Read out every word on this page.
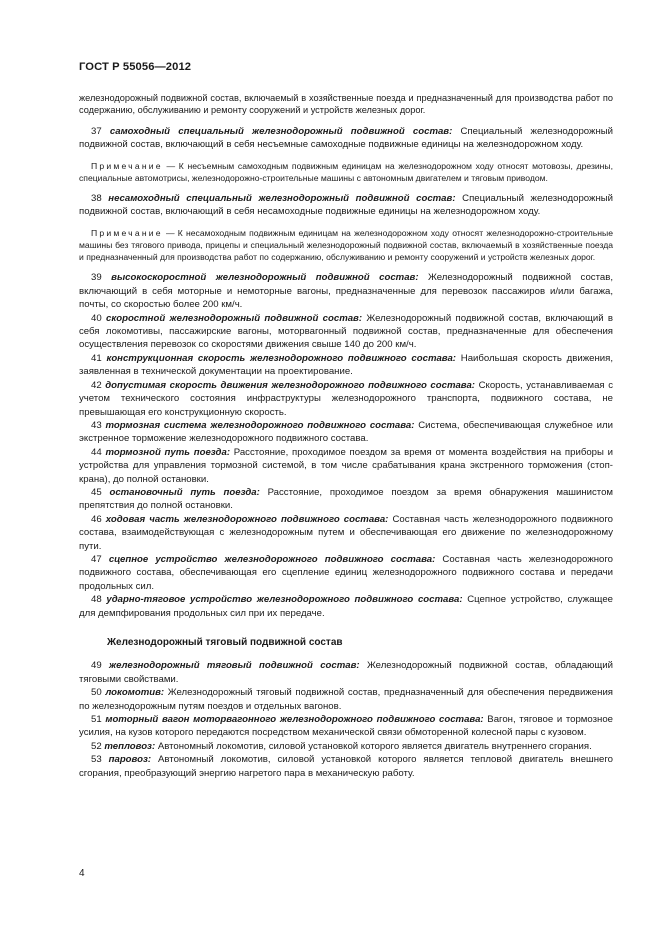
ГОСТ Р 55056—2012

железнодорожный подвижной состав, включаемый в хозяйственные поезда и предназначенный для производства работ по содержанию, обслуживанию и ремонту сооружений и устройств железных дорог.

37 самоходный специальный железнодорожный подвижной состав: Специальный железнодорожный подвижной состав, включающий в себя несъемные самоходные подвижные единицы на железнодорожном ходу.

Примечание — К несъемным самоходным подвижным единицам на железнодорожном ходу относят мотовозы, дрезины, специальные автомотрисы, железнодорожно-строительные машины с автономным двигателем и тяговым приводом.

38 несамоходный специальный железнодорожный подвижной состав: Специальный железнодорожный подвижной состав, включающий в себя несамоходные подвижные единицы на железнодорожном ходу.

Примечание — К несамоходным подвижным единицам на железнодорожном ходу относят железнодорожно-строительные машины без тягового привода, прицепы и специальный железнодорожный подвижной состав, включаемый в хозяйственные поезда и предназначенный для производства работ по содержанию, обслуживанию и ремонту сооружений и устройств железных дорог.

39 высокоскоростной железнодорожный подвижной состав: Железнодорожный подвижной состав, включающий в себя моторные и немоторные вагоны, предназначенные для перевозок пассажиров и/или багажа, почты, со скоростью более 200 км/ч.

40 скоростной железнодорожный подвижной состав: Железнодорожный подвижной состав, включающий в себя локомотивы, пассажирские вагоны, моторвагонный подвижной состав, предназначенные для обеспечения осуществления перевозок со скоростями движения свыше 140 до 200 км/ч.

41 конструкционная скорость железнодорожного подвижного состава: Наибольшая скорость движения, заявленная в технической документации на проектирование.

42 допустимая скорость движения железнодорожного подвижного состава: Скорость, устанавливаемая с учетом технического состояния инфраструктуры железнодорожного транспорта, подвижного состава, не превышающая его конструкционную скорость.

43 тормозная система железнодорожного подвижного состава: Система, обеспечивающая служебное или экстренное торможение железнодорожного подвижного состава.

44 тормозной путь поезда: Расстояние, проходимое поездом за время от момента воздействия на приборы и устройства для управления тормозной системой, в том числе срабатывания крана экстренного торможения (стоп-крана), до полной остановки.

45 остановочный путь поезда: Расстояние, проходимое поездом за время обнаружения машинистом препятствия до полной остановки.

46 ходовая часть железнодорожного подвижного состава: Составная часть железнодорожного подвижного состава, взаимодействующая с железнодорожным путем и обеспечивающая его движение по железнодорожному пути.

47 сцепное устройство железнодорожного подвижного состава: Составная часть железнодорожного подвижного состава, обеспечивающая его сцепление единиц железнодорожного подвижного состава и передачи продольных сил.

48 ударно-тяговое устройство железнодорожного подвижного состава: Сцепное устройство, служащее для демпфирования продольных сил при их передаче.

Железнодорожный тяговый подвижной состав

49 железнодорожный тяговый подвижной состав: Железнодорожный подвижной состав, обладающий тяговыми свойствами.

50 локомотив: Железнодорожный тяговый подвижной состав, предназначенный для обеспечения передвижения по железнодорожным путям поездов и отдельных вагонов.

51 моторный вагон моторвагонного железнодорожного подвижного состава: Вагон, тяговое и тормозное усилия, на кузов которого передаются посредством механической связи обмоторенной колесной пары с кузовом.

52 тепловоз: Автономный локомотив, силовой установкой которого является двигатель внутреннего сгорания.

53 паровоз: Автономный локомотив, силовой установкой которого является тепловой двигатель внешнего сгорания, преобразующий энергию нагретого пара в механическую работу.

4
